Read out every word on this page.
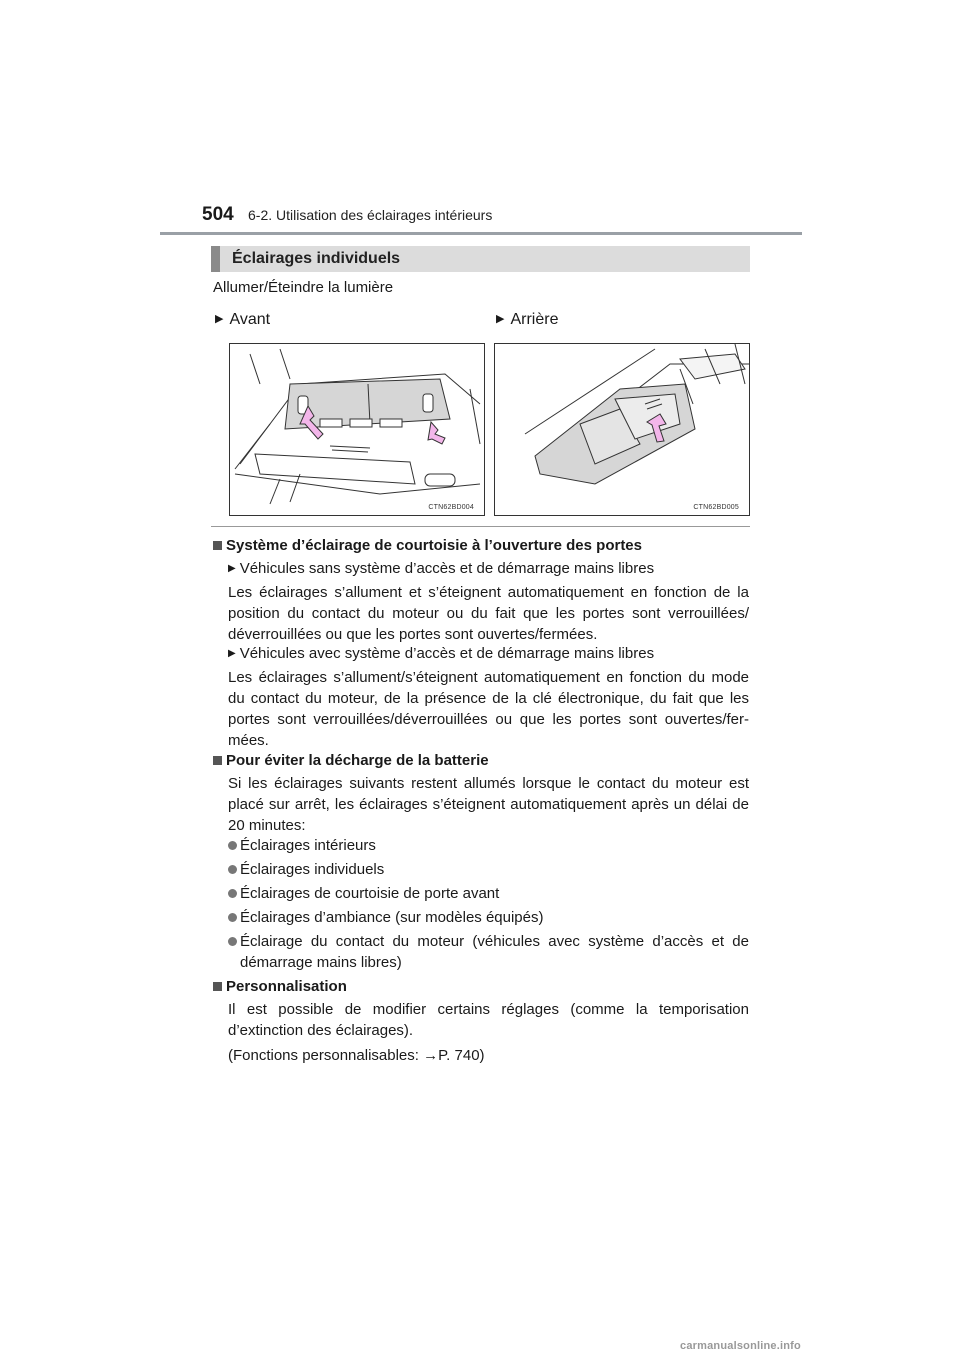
504 6-2. Utilisation des éclairages intérieurs
Éclairages individuels
Allumer/Éteindre la lumière
▶ Avant	▶ Arrière
CTN62BD004	CTN62BD005
Système d’éclairage de courtoisie à l’ouverture des portes
▶ Véhicules sans système d’accès et de démarrage mains libres
Les éclairages s’allument et s’éteignent automatiquement en fonction de la position du contact du moteur ou du fait que les portes sont verrouillées/ déverrouillées ou que les portes sont ouvertes/fermées.
▶ Véhicules avec système d’accès et de démarrage mains libres
Les éclairages s’allument/s’éteignent automatiquement en fonction du mode du contact du moteur, de la présence de la clé électronique, du fait que les portes sont verrouillées/déverrouillées ou que les portes sont ouvertes/fer- mées.
Pour éviter la décharge de la batterie
Si les éclairages suivants restent allumés lorsque le contact du moteur est placé sur arrêt, les éclairages s’éteignent automatiquement après un délai de 20 minutes:
Éclairages intérieurs
Éclairages individuels
Éclairages de courtoisie de porte avant
Éclairages d’ambiance (sur modèles équipés)
Éclairage du contact du moteur (véhicules avec système d’accès et de démarrage mains libres)
Personnalisation
Il est possible de modifier certains réglages (comme la temporisation d’extinction des éclairages).
(Fonctions personnalisables: →P. 740)
carmanualsonline.info
